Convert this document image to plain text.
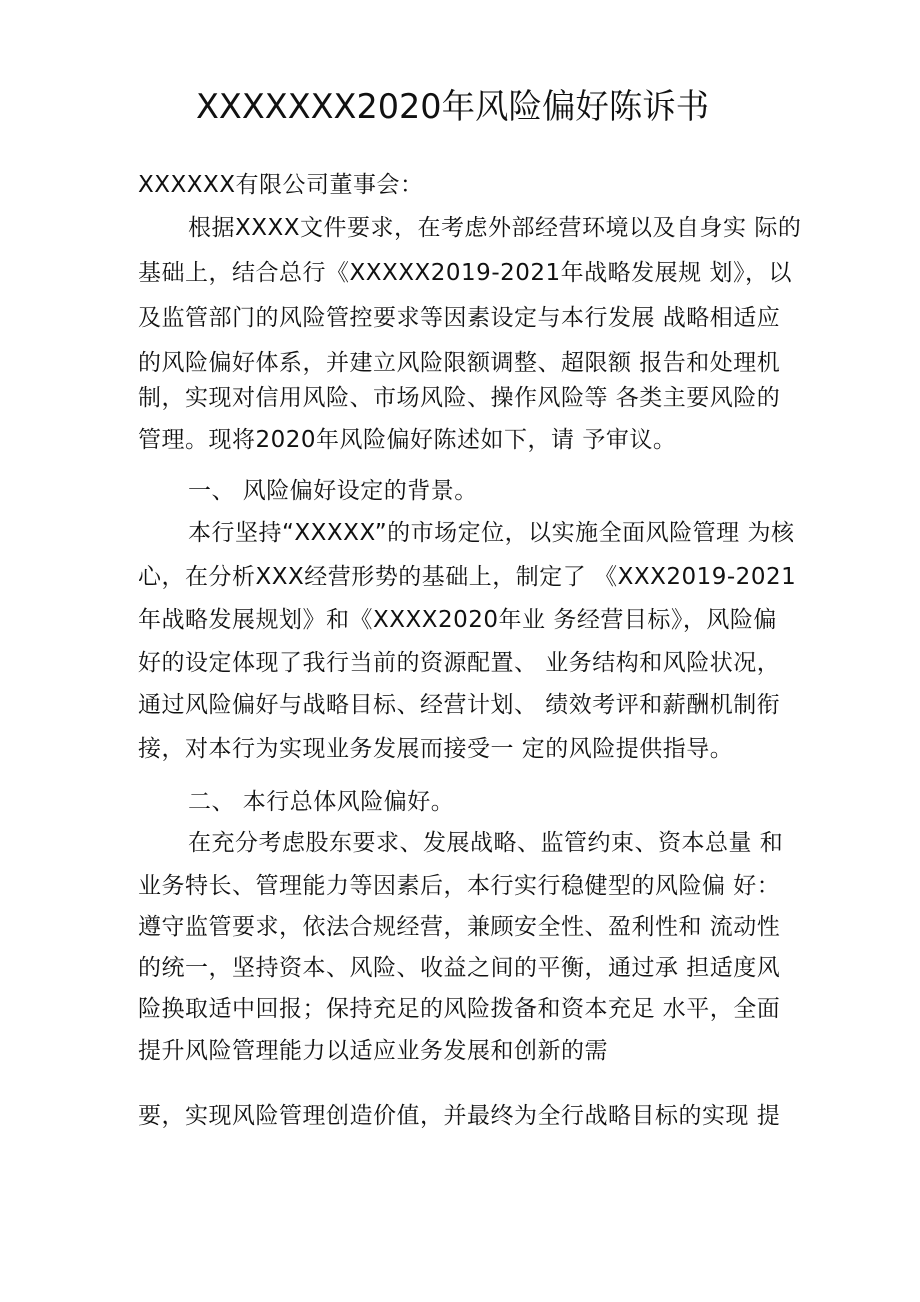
XXXXXXX2020年风险偏好陈诉书
XXXXXX有限公司董事会：
根据XXXX文件要求，在考虑外部经营环境以及自身实 际的
基础上，结合总行《XXXXX2019-2021年战略发展规 划》，以
及监管部门的风险管控要求等因素设定与本行发展 战略相适应
的风险偏好体系，并建立风险限额调整、超限额 报告和处理机
制，实现对信用风险、市场风险、操作风险等 各类主要风险的
管理。现将2020年风险偏好陈述如下，请 予审议。
一、 风险偏好设定的背景。
本行坚持“XXXXX”的市场定位，以实施全面风险管理 为核
心，在分析XXX经营形势的基础上，制定了 《XXX2019-2021
年战略发展规划》和《XXXX2020年业 务经营目标》，风险偏
好的设定体现了我行当前的资源配置、 业务结构和风险状况，
通过风险偏好与战略目标、经营计划、 绩效考评和薪酬机制衔
接，对本行为实现业务发展而接受一 定的风险提供指导。
二、 本行总体风险偏好。
在充分考虑股东要求、发展战略、监管约束、资本总量 和
业务特长、管理能力等因素后，本行实行稳健型的风险偏 好：
遵守监管要求，依法合规经营，兼顾安全性、盈利性和 流动性
的统一，坚持资本、风险、收益之间的平衡，通过承 担适度风
险换取适中回报；保持充足的风险拨备和资本充足 水平，全面
提升风险管理能力以适应业务发展和创新的需
要，实现风险管理创造价值，并最终为全行战略目标的实现 提
